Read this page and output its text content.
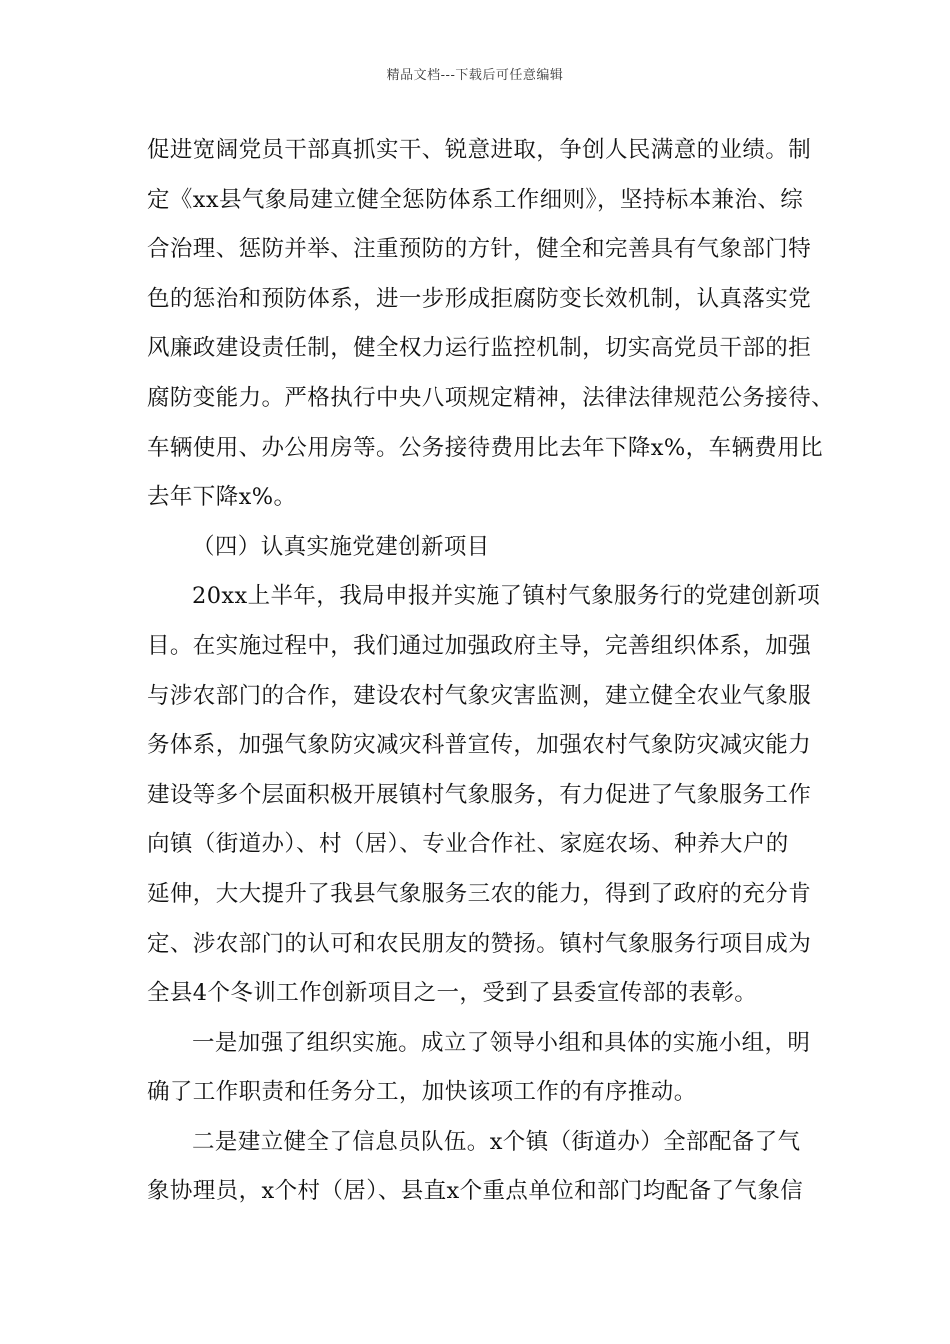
精品文档---下载后可任意编辑
促进宽阔党员干部真抓实干、锐意进取，争创人民满意的业绩。制
定《xx县气象局建立健全惩防体系工作细则》，坚持标本兼治、综
合治理、惩防并举、注重预防的方针，健全和完善具有气象部门特
色的惩治和预防体系，进一步形成拒腐防变长效机制，认真落实党
风廉政建设责任制，健全权力运行监控机制，切实高党员干部的拒
腐防变能力。严格执行中央八项规定精神，法律法律规范公务接待、
车辆使用、办公用房等。公务接待费用比去年下降x%，车辆费用比
去年下降x%。
（四）认真实施党建创新项目
20xx上半年，我局申报并实施了镇村气象服务行的党建创新项
目。在实施过程中，我们通过加强政府主导，完善组织体系，加强
与涉农部门的合作，建设农村气象灾害监测，建立健全农业气象服
务体系，加强气象防灾减灾科普宣传，加强农村气象防灾减灾能力
建设等多个层面积极开展镇村气象服务，有力促进了气象服务工作
向镇（街道办）、村（居）、专业合作社、家庭农场、种养大户的
延伸，大大提升了我县气象服务三农的能力，得到了政府的充分肯
定、涉农部门的认可和农民朋友的赞扬。镇村气象服务行项目成为
全县4个冬训工作创新项目之一，受到了县委宣传部的表彰。
一是加强了组织实施。成立了领导小组和具体的实施小组，明
确了工作职责和任务分工，加快该项工作的有序推动。
二是建立健全了信息员队伍。x个镇（街道办）全部配备了气
象协理员，x个村（居）、县直x个重点单位和部门均配备了气象信
